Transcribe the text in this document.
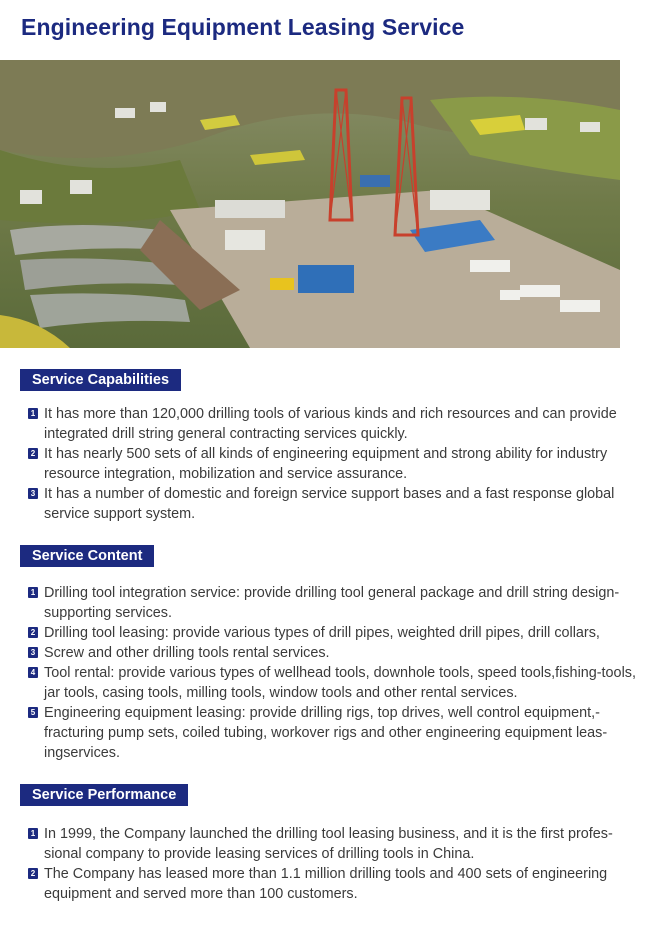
Engineering Equipment Leasing Service
Service Capabilities
1 It has more than 120,000 drilling tools of various kinds and rich resources and can provide integrated drill string general contracting services quickly.
2 It has nearly 500 sets of all kinds of engineering equipment and strong ability for industry resource integration, mobilization and service assurance.
3 It has a number of domestic and foreign service support bases and a fast response global service support system.
Service Content
1 Drilling tool integration service: provide drilling tool general package and drill string design-supporting services.
2 Drilling tool leasing: provide various types of drill pipes, weighted drill pipes, drill collars,
3 Screw and other drilling tools rental services.
4 Tool rental: provide various types of wellhead tools, downhole tools, speed tools,fishing-tools, jar tools, casing tools, milling tools, window tools and other rental services.
5 Engineering equipment leasing: provide drilling rigs, top drives, well control equipment,-fracturing pump sets, coiled tubing, workover rigs and other engineering equipment leas-ingservices.
Service Performance
1 In 1999, the Company launched the drilling tool leasing business, and it is the first profes-sional company to provide leasing services of drilling tools in China.
2 The Company has leased more than 1.1 million drilling tools and 400 sets of engineering equipment and served more than 100 customers.
